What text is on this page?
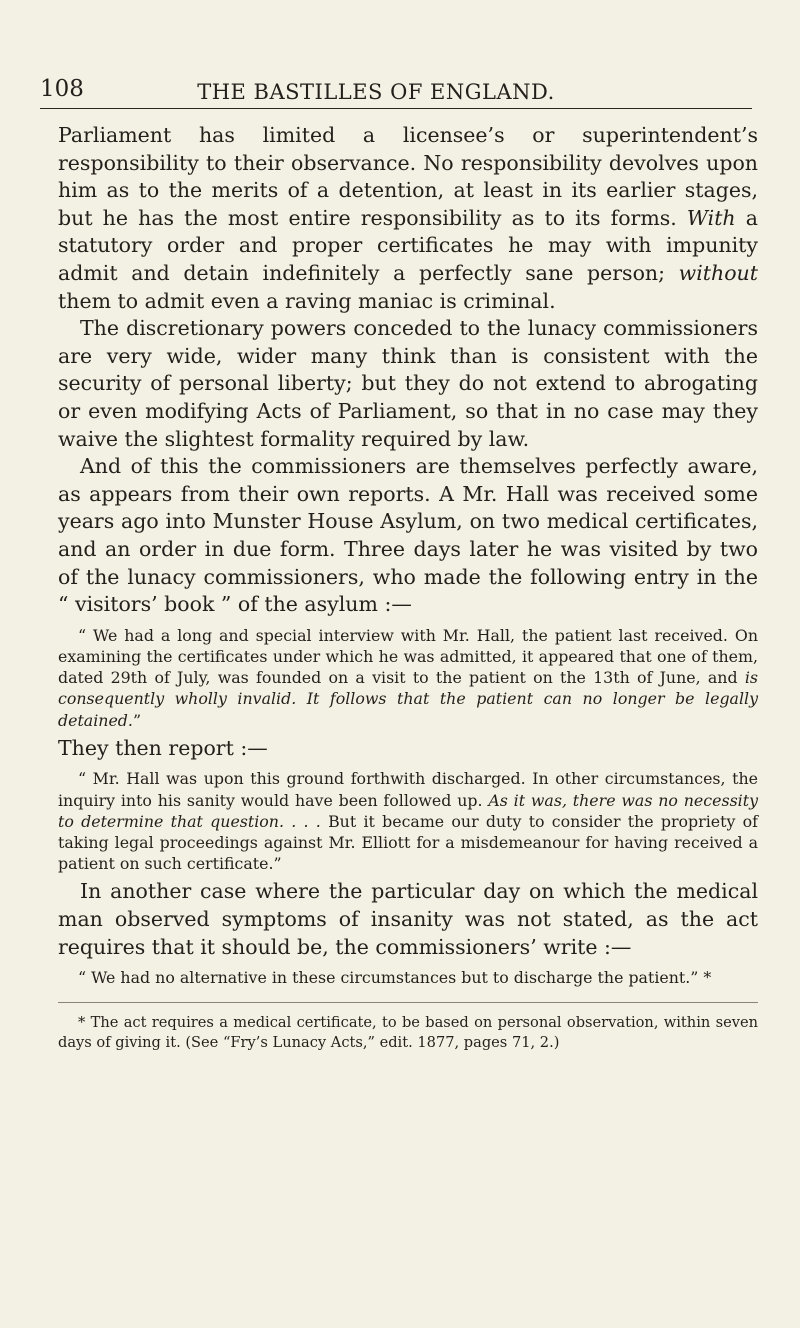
108	THE BASTILLES OF ENGLAND.

Parliament has limited a licensee’s or superintendent’s responsibility to their observance. No responsibility devolves upon him as to the merits of a detention, at least in its earlier stages, but he has the most entire responsibility as to its forms. With a statutory order and proper certificates he may with impunity admit and detain indefinitely a perfectly sane person; without them to admit even a raving maniac is criminal.

The discretionary powers conceded to the lunacy commissioners are very wide, wider many think than is consistent with the security of personal liberty; but they do not extend to abrogating or even modifying Acts of Parliament, so that in no case may they waive the slightest formality required by law.

And of this the commissioners are themselves perfectly aware, as appears from their own reports. A Mr. Hall was received some years ago into Munster House Asylum, on two medical certificates, and an order in due form. Three days later he was visited by two of the lunacy commissioners, who made the following entry in the “ visitors’ book ” of the asylum :—

“ We had a long and special interview with Mr. Hall, the patient last received. On examining the certificates under which he was admitted, it appeared that one of them, dated 29th of July, was founded on a visit to the patient on the 13th of June, and is consequently wholly invalid. It follows that the patient can no longer be legally detained.”

They then report :—

“ Mr. Hall was upon this ground forthwith discharged. In other circumstances, the inquiry into his sanity would have been followed up. As it was, there was no necessity to determine that question. . . . But it became our duty to consider the propriety of taking legal proceedings against Mr. Elliott for a misdemeanour for having received a patient on such certificate.”

In another case where the particular day on which the medical man observed symptoms of insanity was not stated, as the act requires that it should be, the commissioners’ write :—

“ We had no alternative in these circumstances but to discharge the patient.” *
* The act requires a medical certificate, to be based on personal observation, within seven days of giving it. (See “Fry’s Lunacy Acts,” edit. 1877, pages 71, 2.)
